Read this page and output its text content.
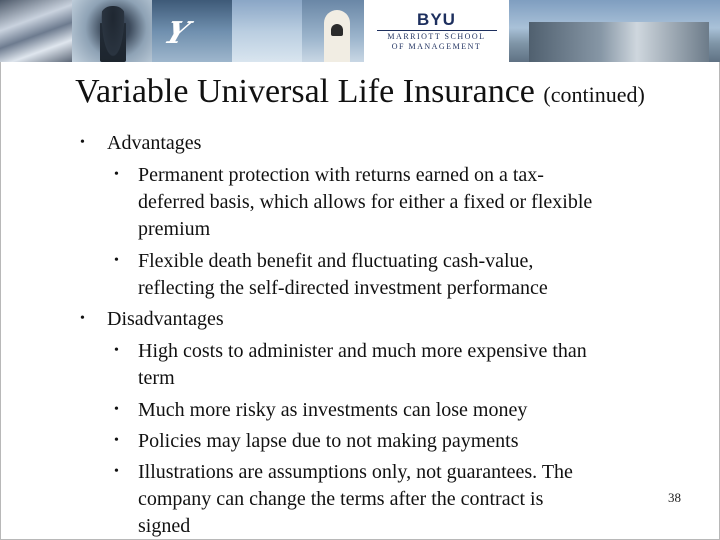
Y	BYU
MARRIOTT SCHOOL
OF MANAGEMENT
Variable Universal Life Insurance (continued)
• Advantages
• Permanent protection with returns earned on a tax-
deferred basis, which allows for either a fixed or flexible
premium
• Flexible death benefit and fluctuating cash-value,
reflecting the self-directed investment performance
• Disadvantages
• High costs to administer and much more expensive than
term
• Much more risky as investments can lose money
• Policies may lapse due to not making payments
• Illustrations are assumptions only, not guarantees. The
company can change the terms after the contract is
signed
38
